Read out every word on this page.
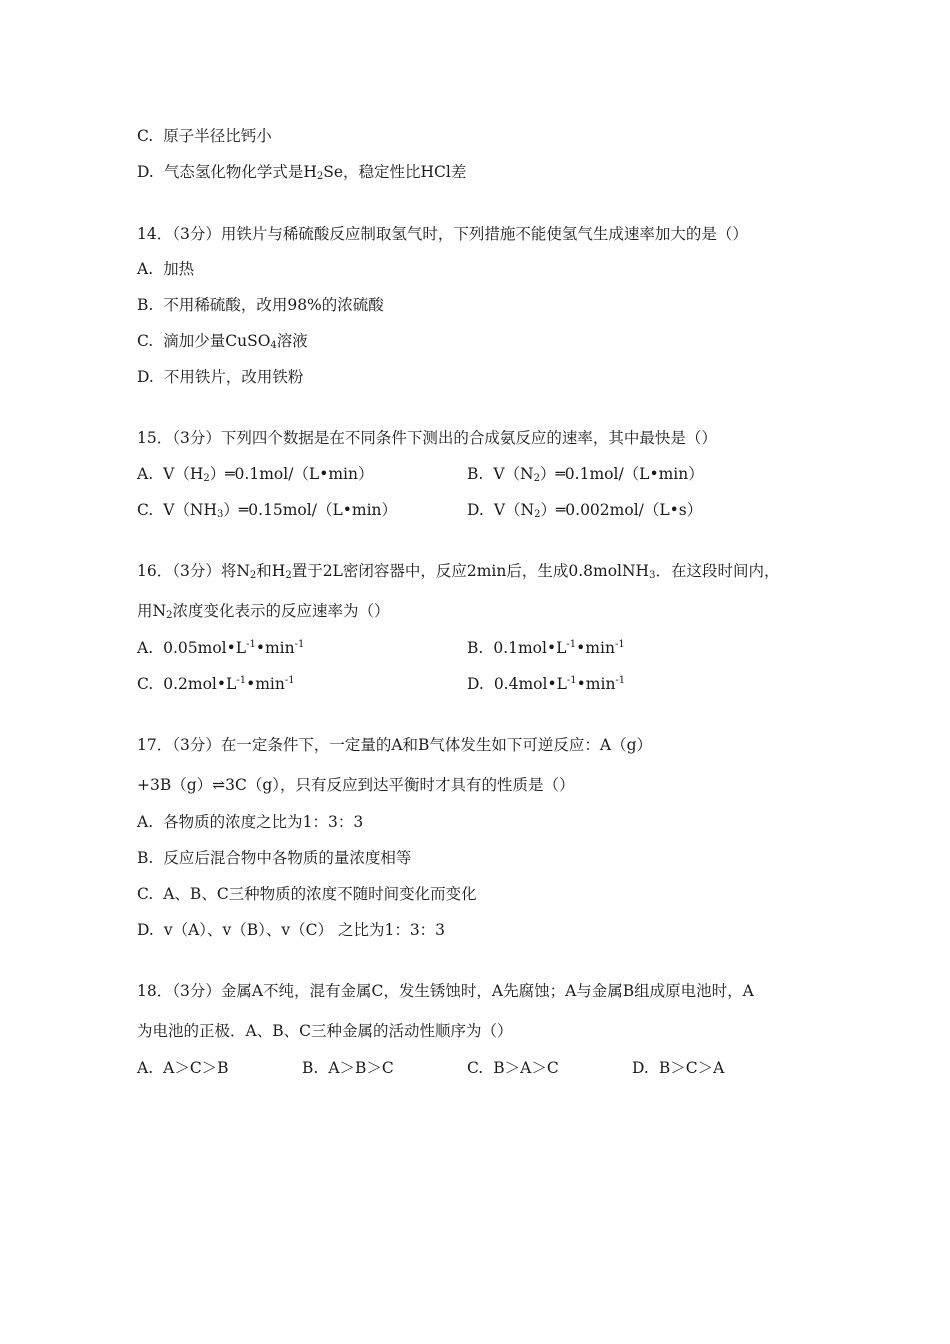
C. 原子半径比钙小
D. 气态氢化物化学式是$H_2Se$，稳定性比HCl差
14．（3分）用铁片与稀硫酸反应制取氢气时，下列措施不能使氢气生成速率加大的是（）
A. 加热
B. 不用稀硫酸，改用98%的浓硫酸
C. 滴加少量CuSO$_4$溶液
D. 不用铁片，改用铁粉
15．（3分）下列四个数据是在不同条件下测出的合成氨反应的速率，其中最快是（）
A. $V(H_2)═0.1mol/(L•\min)$	B. $V(N_2)═0.1mol/(L•\min)$
C. $V(NH_3)═0.15mol/(L•\min)$	D. $V(N_2)═0.002mol/(L•s)$
16．（3分）将$N_2$和$H_2$置于2L密闭容器中，反应2min后，生成0.8molNH$_3$．在这段时间内，
用$N_2$浓度变化表示的反应速率为（）
A. $0.05mol•L^{-1}•\min^{-1}$	B. $0.1mol•L^{-1}•\min^{-1}$
C. $0.2mol•L^{-1}•\min^{-1}$	D. $0.4mol•L^{-1}•\min^{-1}$
17．（3分）在一定条件下，一定量的A和B气体发生如下可逆反应：A（g）
+3B（g）⇌3C（g），只有反应到达平衡时才具有的性质是（）
A. 各物质的浓度之比为1：3：3
B. 反应后混合物中各物质的量浓度相等
C. A、B、C三种物质的浓度不随时间变化而变化
D. v（A）、v（B）、v（C） 之比为1：3：3
18．（3分）金属A不纯，混有金属C，发生锈蚀时，A先腐蚀；A与金属B组成原电池时，A
为电池的正极．A、B、C三种金属的活动性顺序为（）
A. A＞C＞B	B. A＞B＞C	C. B＞A＞C	D. B＞C＞A
